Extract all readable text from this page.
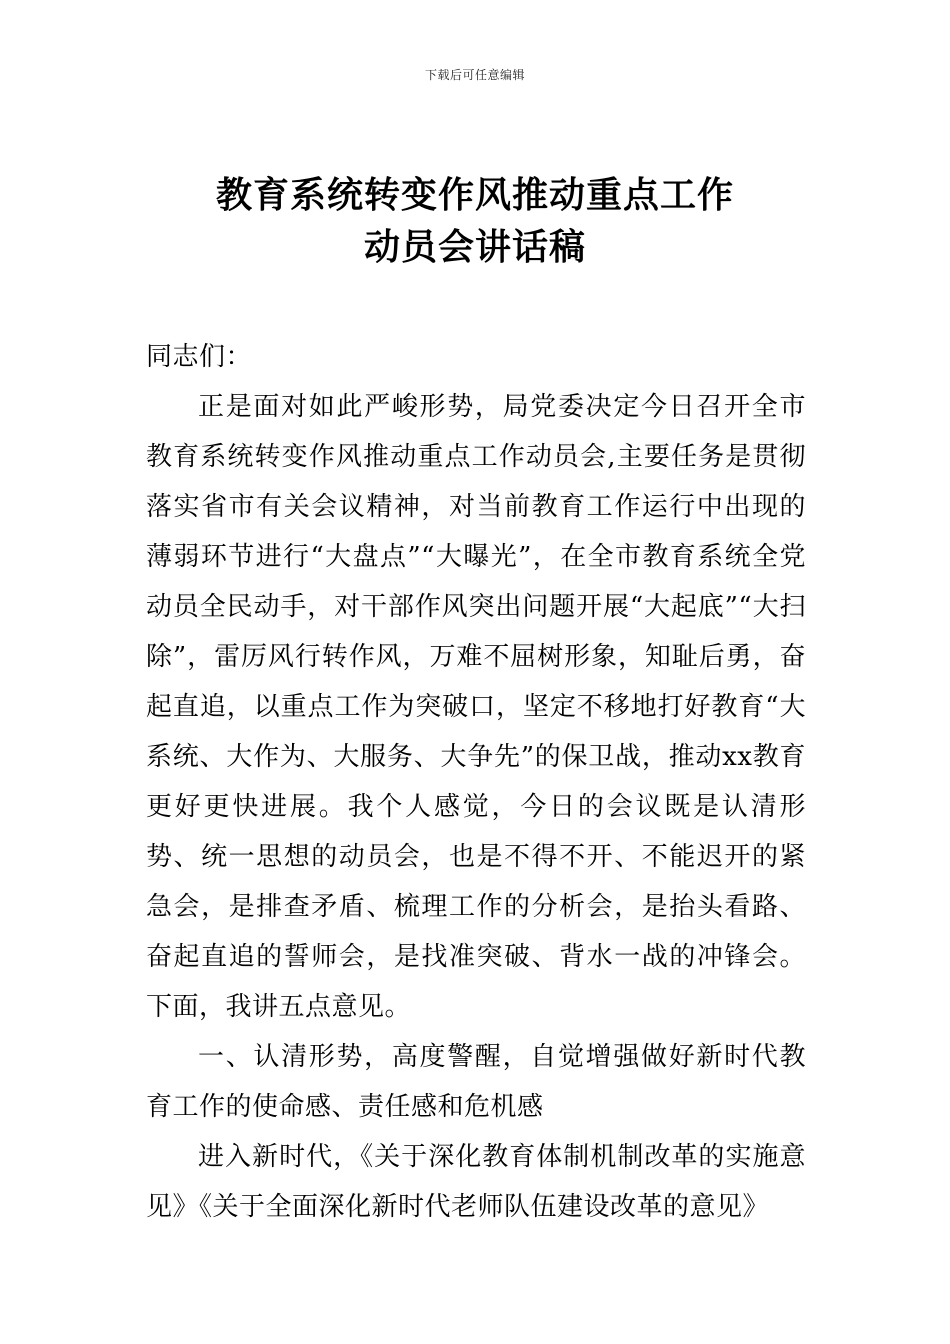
下载后可任意编辑
教育系统转变作风推动重点工作
动员会讲话稿

同志们：

正是面对如此严峻形势，局党委决定今日召开全市教育系统转变作风推动重点工作动员会,主要任务是贯彻落实省市有关会议精神，对当前教育工作运行中出现的薄弱环节进行“大盘点”“大曝光”，在全市教育系统全党动员全民动手，对干部作风突出问题开展“大起底”“大扫除”，雷厉风行转作风，万难不屈树形象，知耻后勇，奋起直追，以重点工作为突破口，坚定不移地打好教育“大系统、大作为、大服务、大争先”的保卫战，推动xx教育更好更快进展。我个人感觉，今日的会议既是认清形势、统一思想的动员会，也是不得不开、不能迟开的紧急会，是排查矛盾、梳理工作的分析会，是抬头看路、奋起直追的誓师会，是找准突破、背水一战的冲锋会。下面，我讲五点意见。

一、认清形势，高度警醒，自觉增强做好新时代教育工作的使命感、责任感和危机感

进入新时代，《关于深化教育体制机制改革的实施意见》《关于全面深化新时代老师队伍建设改革的意见》
